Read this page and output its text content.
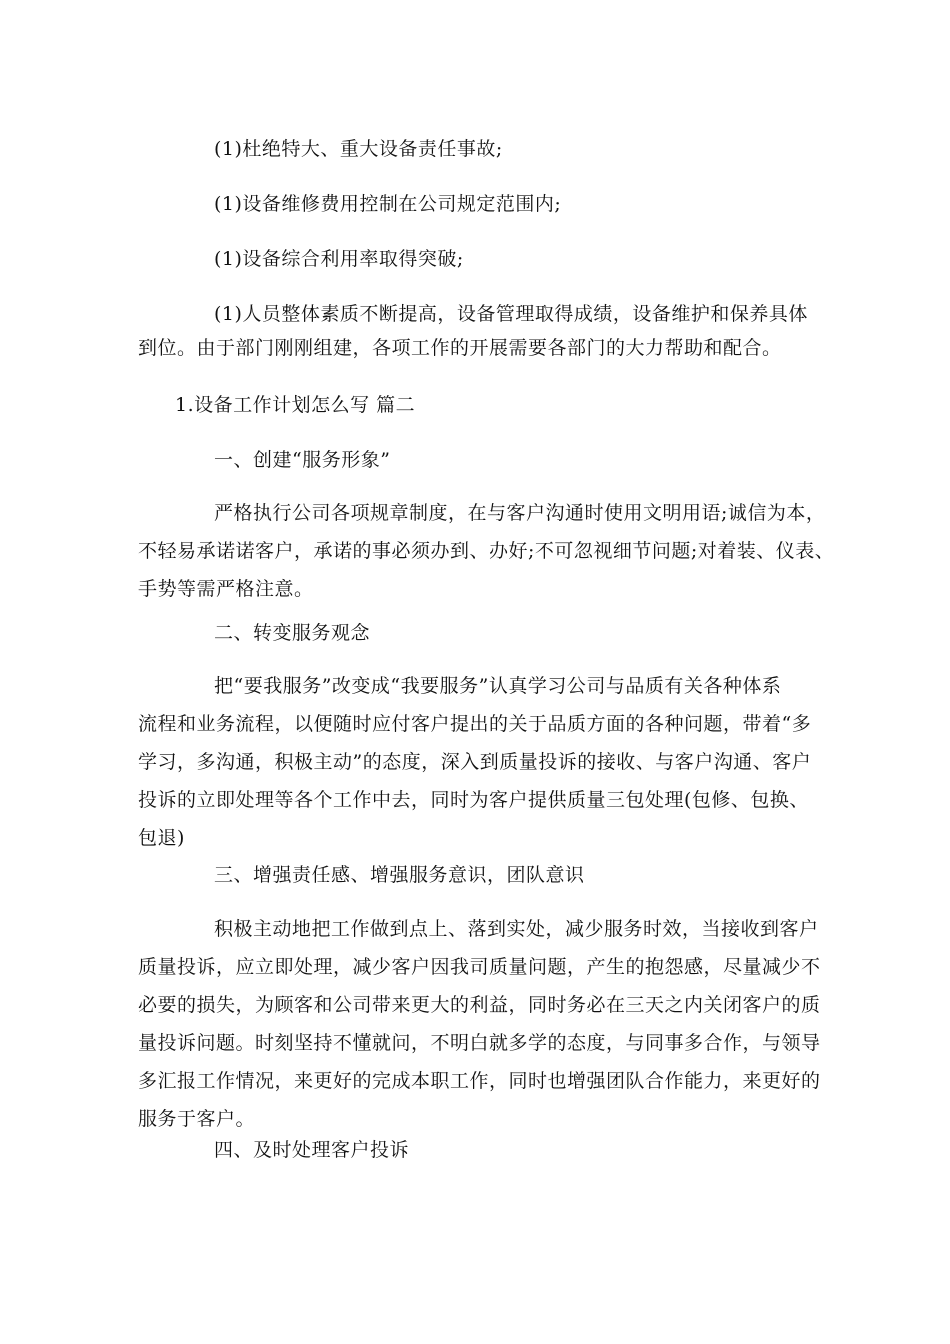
(1)杜绝特大、重大设备责任事故;
(1)设备维修费用控制在公司规定范围内;
(1)设备综合利用率取得突破;

(1)人员整体素质不断提高，设备管理取得成绩，设备维护和保养具体

到位。由于部门刚刚组建，各项工作的开展需要各部门的大力帮助和配合。

1.设备工作计划怎么写 篇二
一、创建“服务形象”

严格执行公司各项规章制度，在与客户沟通时使用文明用语;诚信为本，

不轻易承诺诺客户，承诺的事必须办到、办好;不可忽视细节问题;对着装、仪表、

手势等需严格注意。

二、转变服务观念

把“要我服务”改变成“我要服务”认真学习公司与品质有关各种体系

流程和业务流程，以便随时应付客户提出的关于品质方面的各种问题，带着“多

学习，多沟通，积极主动”的态度，深入到质量投诉的接收、与客户沟通、客户

投诉的立即处理等各个工作中去，同时为客户提供质量三包处理(包修、包换、

包退)

三、增强责任感、增强服务意识，团队意识

积极主动地把工作做到点上、落到实处，减少服务时效，当接收到客户

质量投诉，应立即处理，减少客户因我司质量问题，产生的抱怨感，尽量减少不

必要的损失，为顾客和公司带来更大的利益，同时务必在三天之内关闭客户的质

量投诉问题。时刻坚持不懂就问，不明白就多学的态度，与同事多合作，与领导

多汇报工作情况，来更好的完成本职工作，同时也增强团队合作能力，来更好的

服务于客户。

四、及时处理客户投诉
